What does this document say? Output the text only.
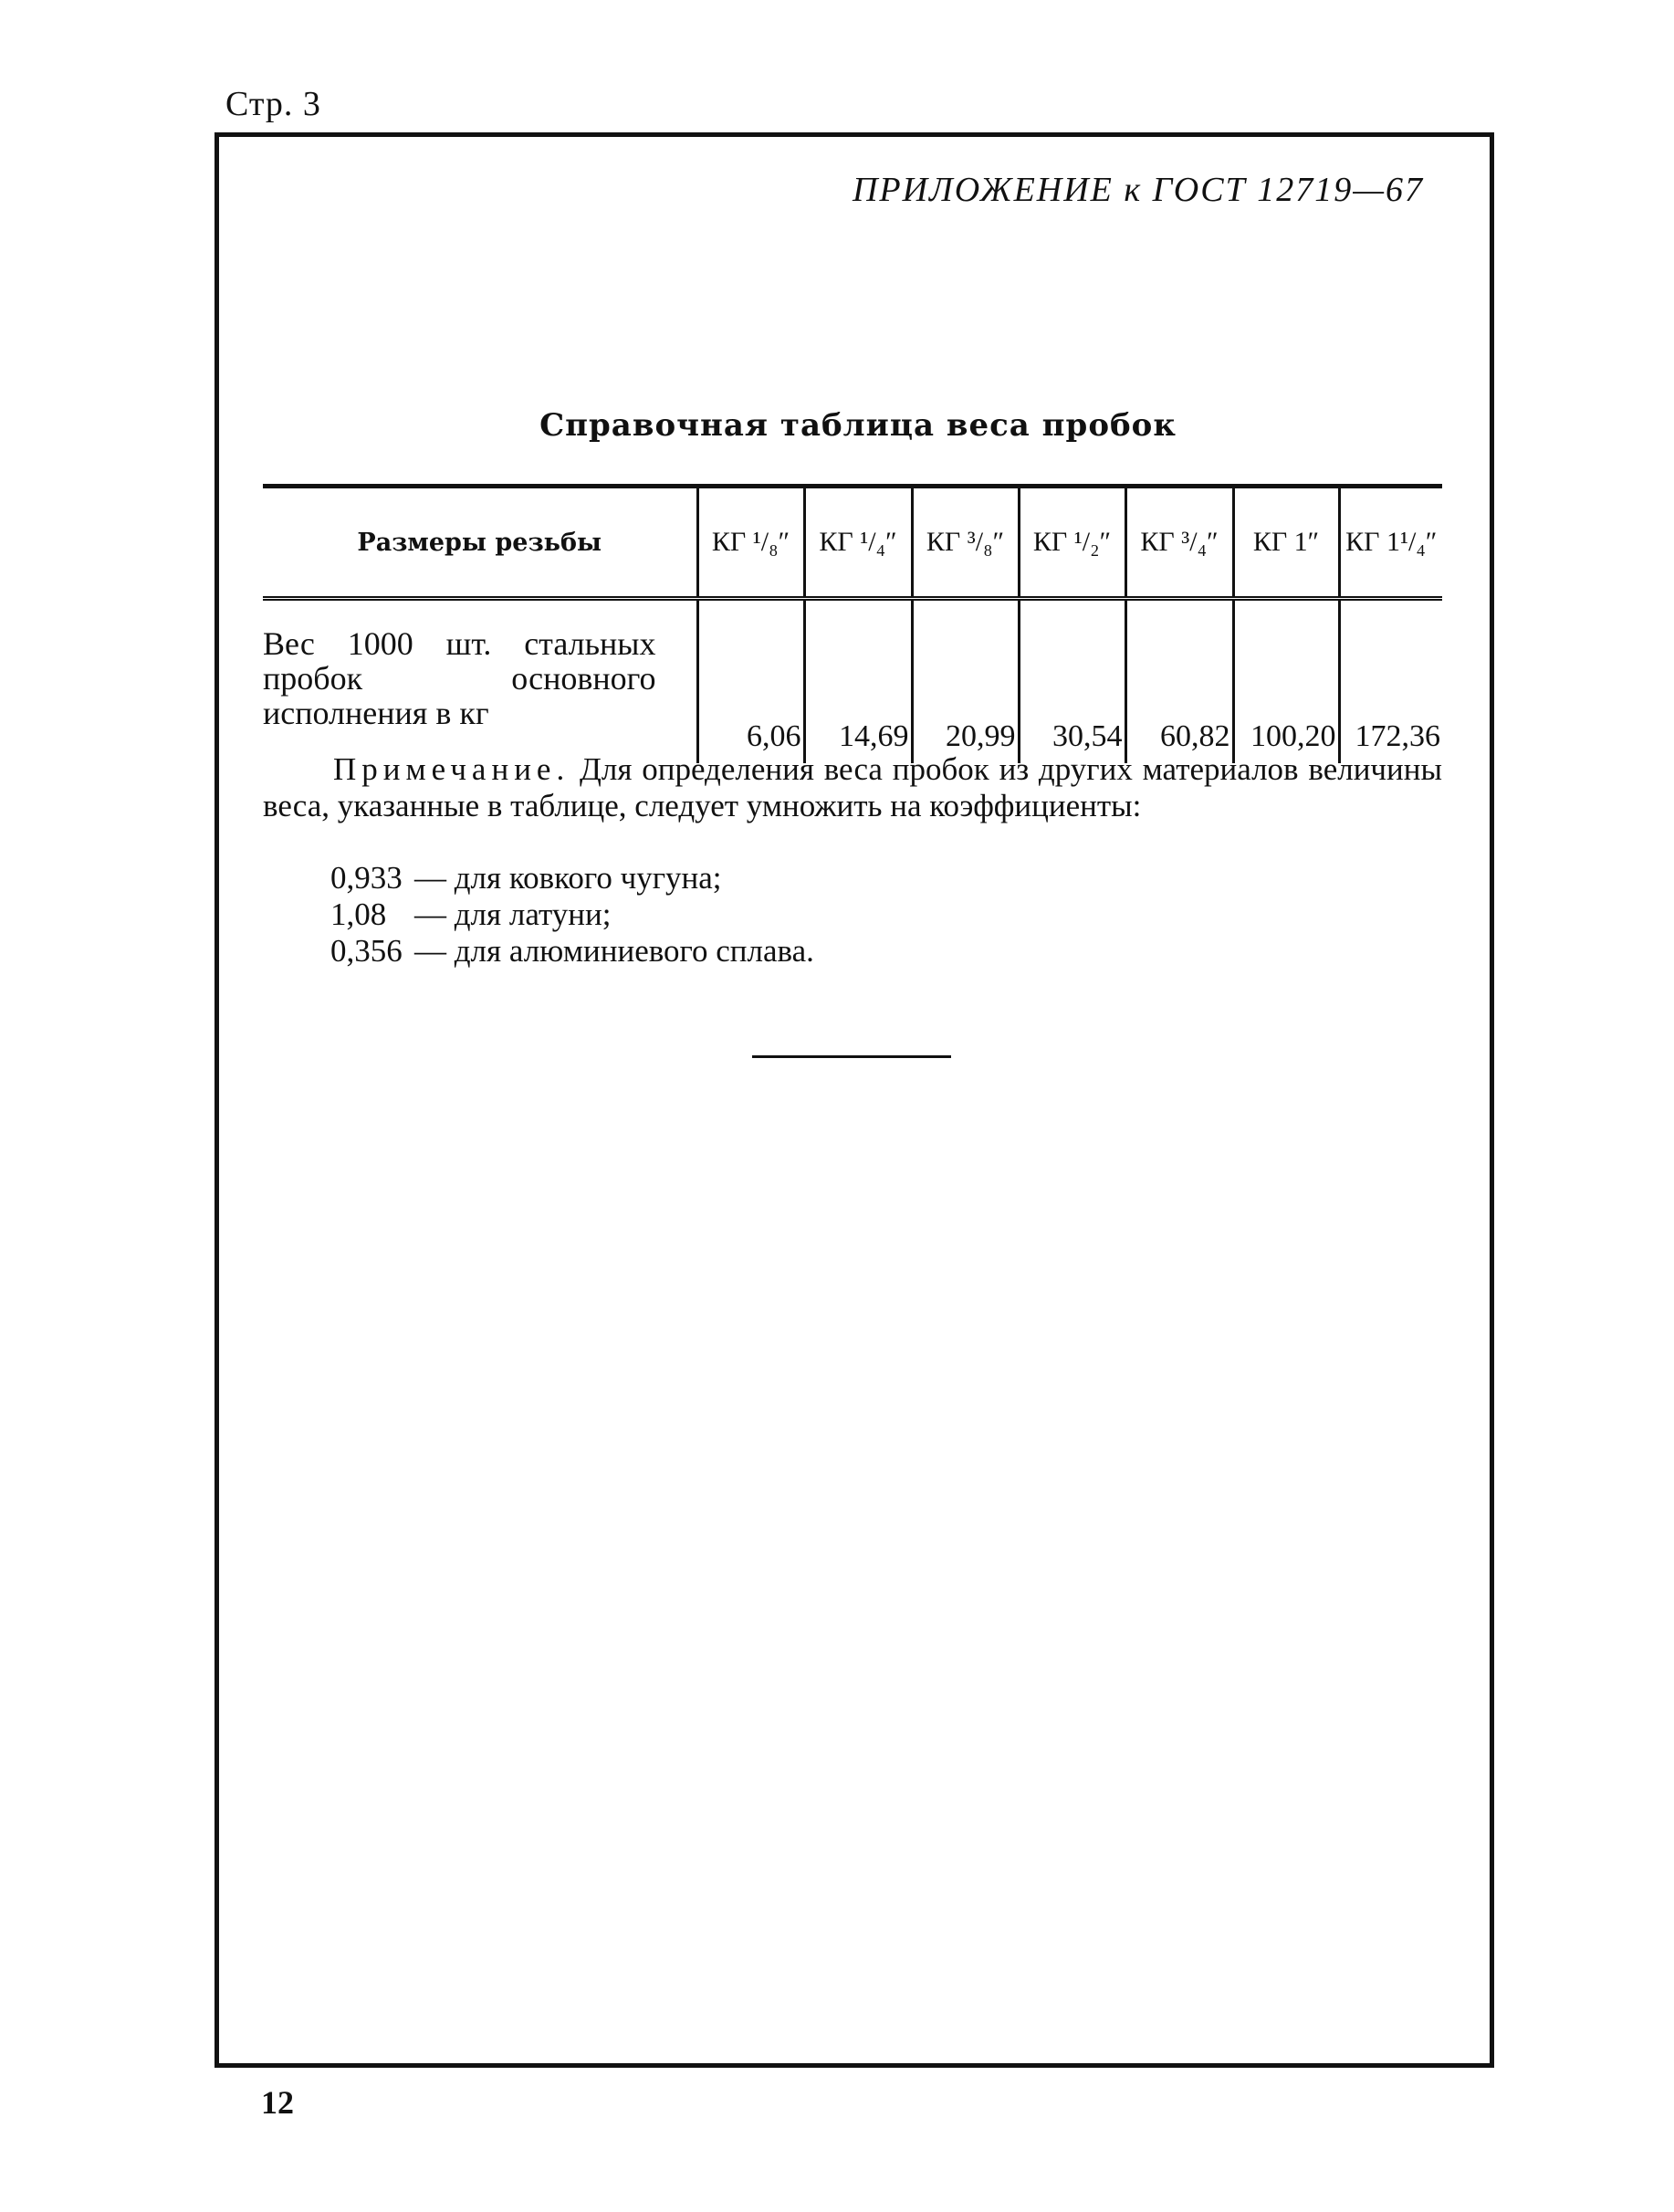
Стр. 3
ПРИЛОЖЕНИЕ к ГОСТ 12719—67
Справочная таблица веса пробок
Размеры резьбы	КГ ¹/₈″	КГ ¹/₄″	КГ ³/₈″	КГ ¹/₂″	КГ ³/₄″	КГ 1″	КГ 1¹/₄″
Вес 1000 шт. стальных пробок основного исполнения в кг	6,06	14,69	20,99	30,54	60,82	100,20	172,36
   Примечание. Для определения веса пробок из других материалов величины веса, указанные в таблице, следует умножить на коэффициенты:
0,933 — для ковкого чугуна;
1,08 — для латуни;
0,356 — для алюминиевого сплава.
12
